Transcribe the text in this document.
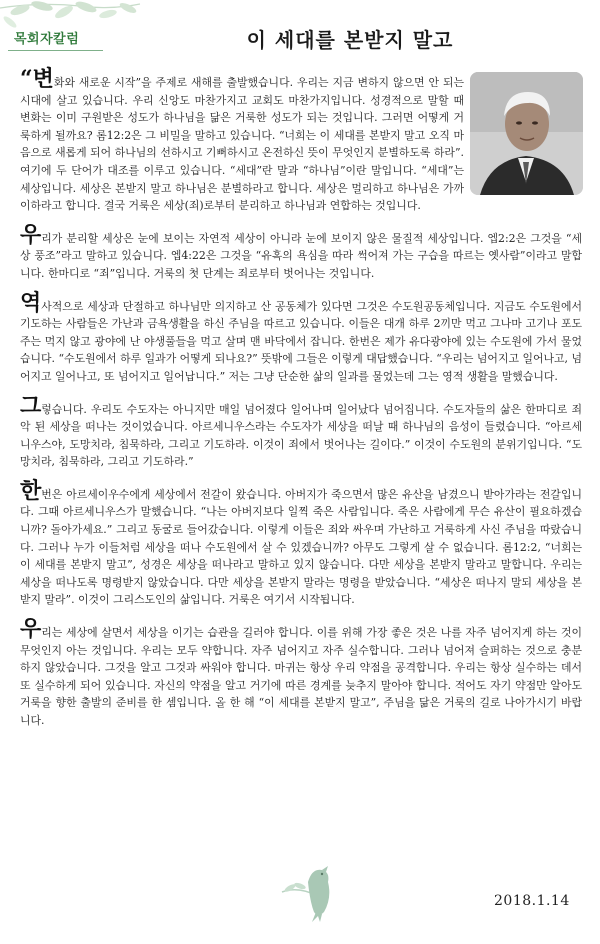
목회자칼럼	이 세대를 본받지 말고

“변화와 새로운 시작”을 주제로 새해를 출발했습니다. 우리는 지금 변하지 않으면 안 되는 시대에 살고 있습니다. 우리 신앙도 마찬가지고 교회도 마찬가지입니다. 성경적으로 말할 때 변화는 이미 구원받은 성도가 하나님을 닮은 거룩한 성도가 되는 것입니다. 그러면 어떻게 거룩하게 될까요? 롬12:2은 그 비밀을 말하고 있습니다. “너희는 이 세대를 본받지 말고 오직 마음으로 새롭게 되어 하나님의 선하시고 기뻐하시고 온전하신 뜻이 무엇인지 분별하도록 하라”. 여기에 두 단어가 대조를 이루고 있습니다. “세대”란 말과 “하나님”이란 말입니다. “세대”는 세상입니다. 세상은 본받지 말고 하나님은 분별하라고 합니다. 세상은 멀리하고 하나님은 가까이하라고 합니다. 결국 거룩은 세상(죄)로부터 분리하고 하나님과 연합하는 것입니다.

우리가 분리할 세상은 눈에 보이는 자연적 세상이 아니라 눈에 보이지 않은 물질적 세상입니다. 엡2:2은 그것을 “세상 풍조”라고 말하고 있습니다. 엡4:22은 그것을 “유혹의 욕심을 따라 썩어져 가는 구습을 따르는 옛사람”이라고 말합니다. 한마디로 “죄”입니다. 거룩의 첫 단계는 죄로부터 벗어나는 것입니다.

역사적으로 세상과 단절하고 하나님만 의지하고 산 공동체가 있다면 그것은 수도원공동체입니다. 지금도 수도원에서 기도하는 사람들은 가난과 금욕생활을 하신 주님을 따르고 있습니다. 이들은 대개 하루 2끼만 먹고 그나마 고기나 포도주는 먹지 않고 광야에 난 야생풀들을 먹고 살며 맨 바닥에서 잡니다. 한번은 제가 유다광야에 있는 수도원에 가서 물었습니다. “수도원에서 하루 일과가 어떻게 되나요?” 뜻밖에 그들은 이렇게 대답했습니다. “우리는 넘어지고 일어나고, 넘어지고 일어나고, 또 넘어지고 일어납니다.” 저는 그냥 단순한 삶의 일과를 물었는데 그는 영적 생활을 말했습니다.

그렇습니다. 우리도 수도자는 아니지만 매일 넘어졌다 일어나며 일어났다 넘어집니다. 수도자들의 삶은 한마디로 죄악 된 세상을 떠나는 것이었습니다. 아르세니우스라는 수도자가 세상을 떠날 때 하나님의 음성이 들렸습니다. “아르세니우스야, 도망치라, 침묵하라, 그리고 기도하라. 이것이 죄에서 벗어나는 길이다.” 이것이 수도원의 분위기입니다. “도망치라, 침묵하라, 그리고 기도하라.”

한번은 아르세이우수에게 세상에서 전갈이 왔습니다. 아버지가 죽으면서 많은 유산을 남겼으니 받아가라는 전갈입니다. 그때 아르세니우스가 말했습니다. “나는 아버지보다 일찍 죽은 사람입니다. 죽은 사람에게 무슨 유산이 필요하겠습니까? 돌아가세요.” 그리고 동굴로 들어갔습니다. 이렇게 이들은 죄와 싸우며 가난하고 거룩하게 사신 주님을 따랐습니다. 그러나 누가 이들처럼 세상을 떠나 수도원에서 살 수 있겠습니까? 아무도 그렇게 살 수 없습니다. 롬12:2, “너희는 이 세대를 본받지 말고”, 성경은 세상을 떠나라고 말하고 있지 않습니다. 다만 세상을 본받지 말라고 말합니다. 우리는 세상을 떠나도록 명령받지 않았습니다. 다만 세상을 본받지 말라는 명령을 받았습니다. “세상은 떠나지 말되 세상을 본받지 말라”. 이것이 그리스도인의 삶입니다. 거룩은 여기서 시작됩니다.

우리는 세상에 살면서 세상을 이기는 습관을 길러야 합니다. 이를 위해 가장 좋은 것은 나를 자주 넘어지게 하는 것이 무엇인지 아는 것입니다. 우리는 모두 약합니다. 자주 넘어지고 자주 실수합니다. 그러나 넘어져 슬퍼하는 것으로 충분하지 않았습니다. 그것을 알고 그것과 싸워야 합니다. 마귀는 항상 우리 약점을 공격합니다. 우리는 항상 실수하는 데서 또 실수하게 되어 있습니다. 자신의 약점을 알고 거기에 따른 경계를 늦추지 말아야 합니다. 적어도 자기 약점만 알아도 거룩을 향한 출발의 준비를 한 셈입니다. 올 한 해 “이 세대를 본받지 말고”, 주님을 닮은 거룩의 길로 나아가시기 바랍니다.

2018.1.14
